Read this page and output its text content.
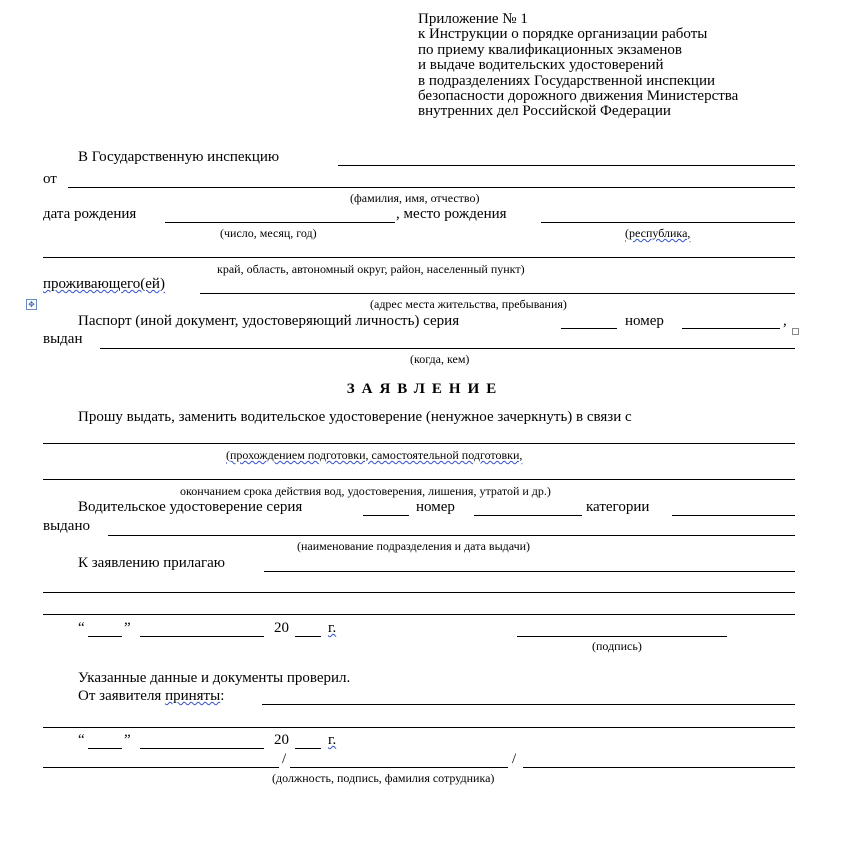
Приложение № 1
к Инструкции о порядке организации работы
по приему квалификационных экзаменов
и выдаче водительских удостоверений
в подразделениях Государственной инспекции
безопасности дорожного движения Министерства
внутренних дел Российской Федерации
В Государственную инспекцию
от
(фамилия, имя, отчество)
дата рождения	, место рождения
(число, месяц, год)	(республика,
край, область, автономный округ, район, населенный пункт)
проживающего(ей)
✥	(адрес места жительства, пребывания)
Паспорт (иной документ, удостоверяющий личность) серия	номер	,
выдан
(когда, кем)
ЗАЯВЛЕНИЕ
Прошу выдать, заменить водительское удостоверение (ненужное зачеркнуть) в связи с
(прохождением подготовки, самостоятельной подготовки,
окончанием срока действия вод, удостоверения, лишения, утратой и др.)
Водительское удостоверение серия	номер	категории
выдано
(наименование подразделения и дата выдачи)
К заявлению прилагаю
“	”	20	г.
(подпись)
Указанные данные и документы проверил.
От заявителя приняты:
“	”	20	г.
/	/
(должность, подпись, фамилия сотрудника)
